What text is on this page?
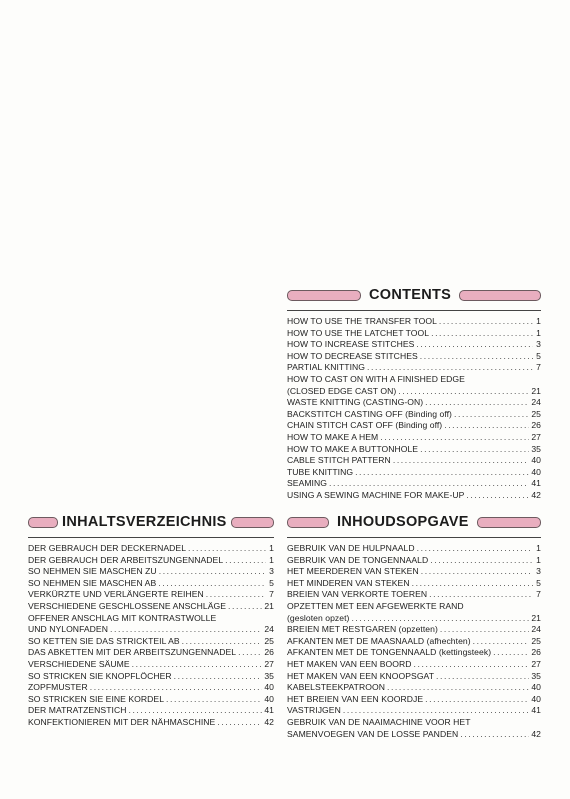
CONTENTS
HOW TO USE THE TRANSFER TOOL .....	1
HOW TO USE THE LATCHET TOOL .....	1
HOW TO INCREASE STITCHES .....	3
HOW TO DECREASE STITCHES .....	5
PARTIAL KNITTING .....	7
HOW TO CAST ON WITH A FINISHED EDGE
(CLOSED EDGE CAST ON) .....	21
WASTE KNITTING (CASTING-ON) .....	24
BACKSTITCH CASTING OFF (Binding off) .....	25
CHAIN STITCH CAST OFF (Binding off) .....	26
HOW TO MAKE A HEM .....	27
HOW TO MAKE A BUTTONHOLE .....	35
CABLE STITCH PATTERN .....	40
TUBE KNITTING .....	40
SEAMING .....	41
USING A SEWING MACHINE FOR MAKE-UP .....	42
INHALTSVERZEICHNIS
DER GEBRAUCH DER DECKERNADEL .....	1
DER GEBRAUCH DER ARBEITSZUNGENNADEL .....	1
SO NEHMEN SIE MASCHEN ZU .....	3
SO NEHMEN SIE MASCHEN AB .....	5
VERKÜRZTE UND VERLÄNGERTE REIHEN .....	7
VERSCHIEDENE GESCHLOSSENE ANSCHLÄGE .....	21
OFFENER ANSCHLAG MIT KONTRASTWOLLE
UND NYLONFADEN .....	24
SO KETTEN SIE DAS STRICKTEIL AB .....	25
DAS ABKETTEN MIT DER ARBEITSZUNGENNADEL .....	26
VERSCHIEDENE SÄUME .....	27
SO STRICKEN SIE KNOPFLÖCHER .....	35
ZOPFMUSTER .....	40
SO STRICKEN SIE EINE KORDEL .....	40
DER MATRATZENSTICH .....	41
KONFEKTIONIEREN MIT DER NÄHMASCHINE .....	42
INHOUDSOPGAVE
GEBRUIK VAN DE HULPNAALD .....	1
GEBRUIK VAN DE TONGENNAALD .....	1
HET MEERDEREN VAN STEKEN .....	3
HET MINDEREN VAN STEKEN .....	5
BREIEN VAN VERKORTE TOEREN .....	7
OPZETTEN MET EEN AFGEWERKTE RAND
(gesloten opzet) .....	21
BREIEN MET RESTGAREN (opzetten) .....	24
AFKANTEN MET DE MAASNAALD (afhechten) .....	25
AFKANTEN MET DE TONGENNAALD (kettingsteek) .....	26
HET MAKEN VAN EEN BOORD .....	27
HET MAKEN VAN EEN KNOOPSGAT .....	35
KABELSTEEKPATROON .....	40
HET BREIEN VAN EEN KOORDJE .....	40
VASTRIJGEN .....	41
GEBRUIK VAN DE NAAIMACHINE VOOR HET
SAMENVOEGEN VAN DE LOSSE PANDEN .....	42
